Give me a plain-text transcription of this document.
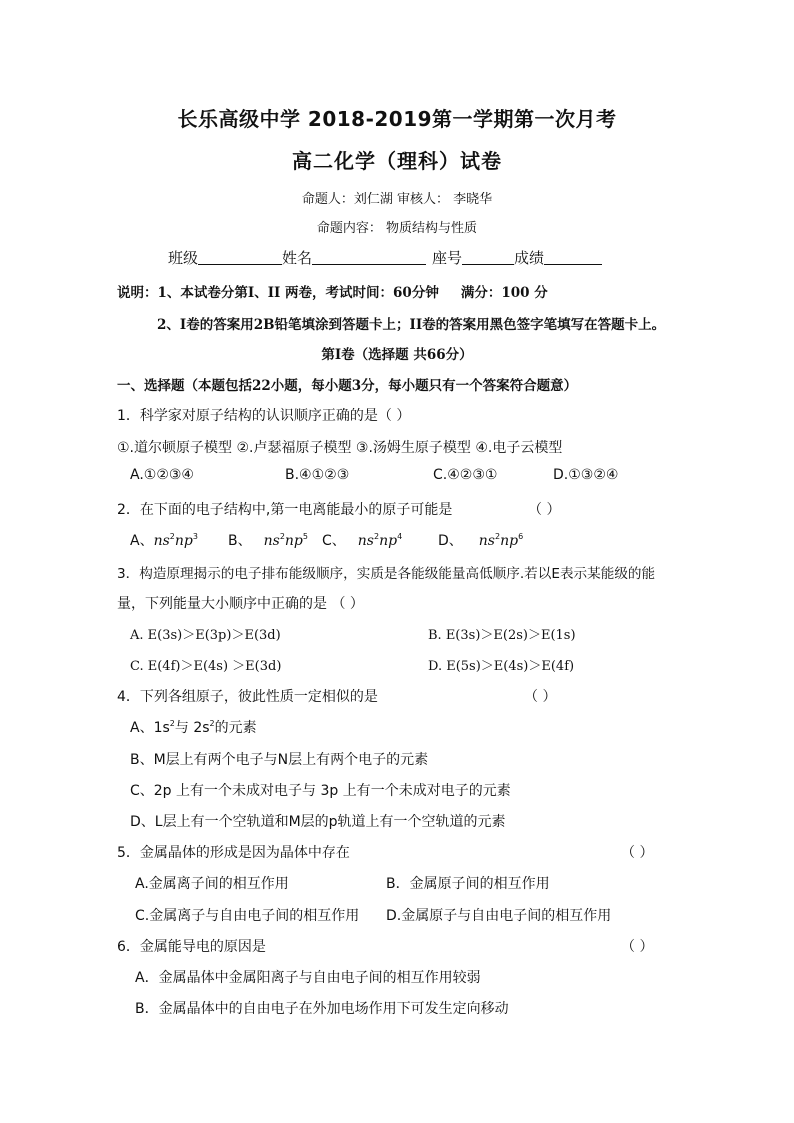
长乐高级中学 2018-2019第一学期第一次月考
高二化学（理科）试卷
命题人：刘仁湖 审核人： 李晓华
命题内容： 物质结构与性质
班级	姓名	座号	成绩
说明：1、本试卷分第Ⅰ、II 两卷，考试时间：60分钟 满分：100 分
2、Ⅰ卷的答案用2B铅笔填涂到答题卡上；II卷的答案用黑色签字笔填写在答题卡上。
第Ⅰ卷（选择题 共66分）
一、选择题（本题包括22小题，每小题3分，每小题只有一个答案符合题意）
1．科学家对原子结构的认识顺序正确的是（ ）
①.道尔顿原子模型 ②.卢瑟福原子模型 ③.汤姆生原子模型 ④.电子云模型
A.①②③④	B.④①②③	C.④②③①	D.①③②④
2．在下面的电子结构中,第一电离能最小的原子可能是	（ ）
A、$ns^2np^3$ B、 $ns^2np^5$ C、 $ns^2np^4$	D、 $ns^2np^6$
3．构造原理揭示的电子排布能级顺序，实质是各能级能量高低顺序.若以E表示某能级的能
量，下列能量大小顺序中正确的是 （ ）
A. E(3s)＞E(3p)＞E(3d)	B. E(3s)＞E(2s)＞E(1s)
C. E(4f)＞E(4s) ＞E(3d)	D. E(5s)＞E(4s)＞E(4f)
4．下列各组原子，彼此性质一定相似的是	（ ）
A、$1s^2$与 $2s^2$的元素
B、M层上有两个电子与N层上有两个电子的元素
C、2p 上有一个未成对电子与 3p 上有一个未成对电子的元素
D、L层上有一个空轨道和M层的p轨道上有一个空轨道的元素
5．金属晶体的形成是因为晶体中存在	（ ）
A.金属离子间的相互作用	B．金属原子间的相互作用
C.金属离子与自由电子间的相互作用 D.金属原子与自由电子间的相互作用
6．金属能导电的原因是	（ ）
A．金属晶体中金属阳离子与自由电子间的相互作用较弱
B．金属晶体中的自由电子在外加电场作用下可发生定向移动
